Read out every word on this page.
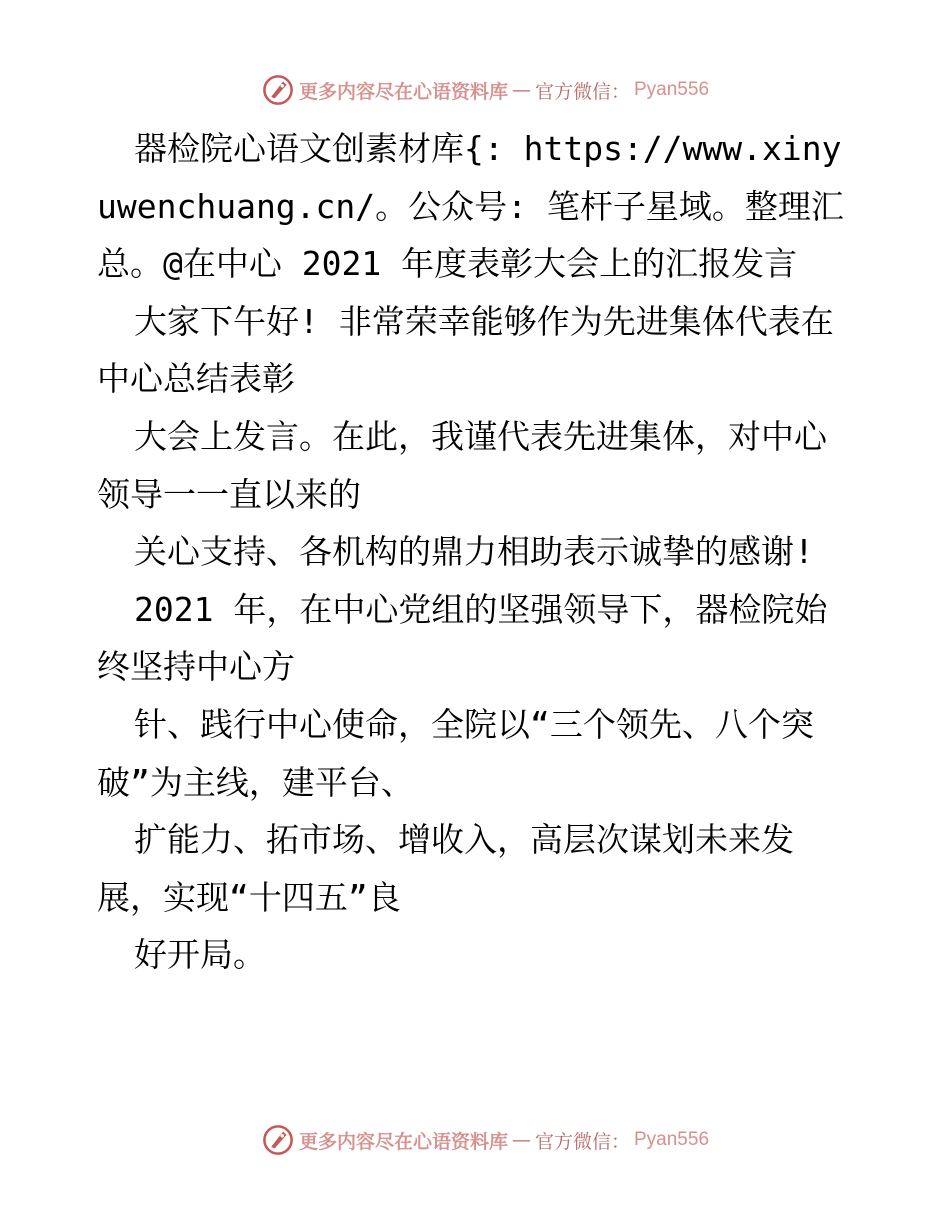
更多内容尽在心语资料库 — 官方微信： Pyan556

器检院心语文创素材库{: https://www.xinyuwenchuang.cn/。公众号: 笔杆子星域。整理汇总。@在中心 2021 年度表彰大会上的汇报发言

大家下午好! 非常荣幸能够作为先进集体代表在中心总结表彰

大会上发言。在此，我谨代表先进集体，对中心领导一一直以来的

关心支持、各机构的鼎力相助表示诚挚的感谢!

2021 年，在中心党组的坚强领导下，器检院始终坚持中心方

针、践行中心使命，全院以“三个领先、八个突破”为主线，建平台、

扩能力、拓市场、增收入，高层次谋划未来发展，实现“十四五”良

好开局。

更多内容尽在心语资料库 — 官方微信： Pyan556
